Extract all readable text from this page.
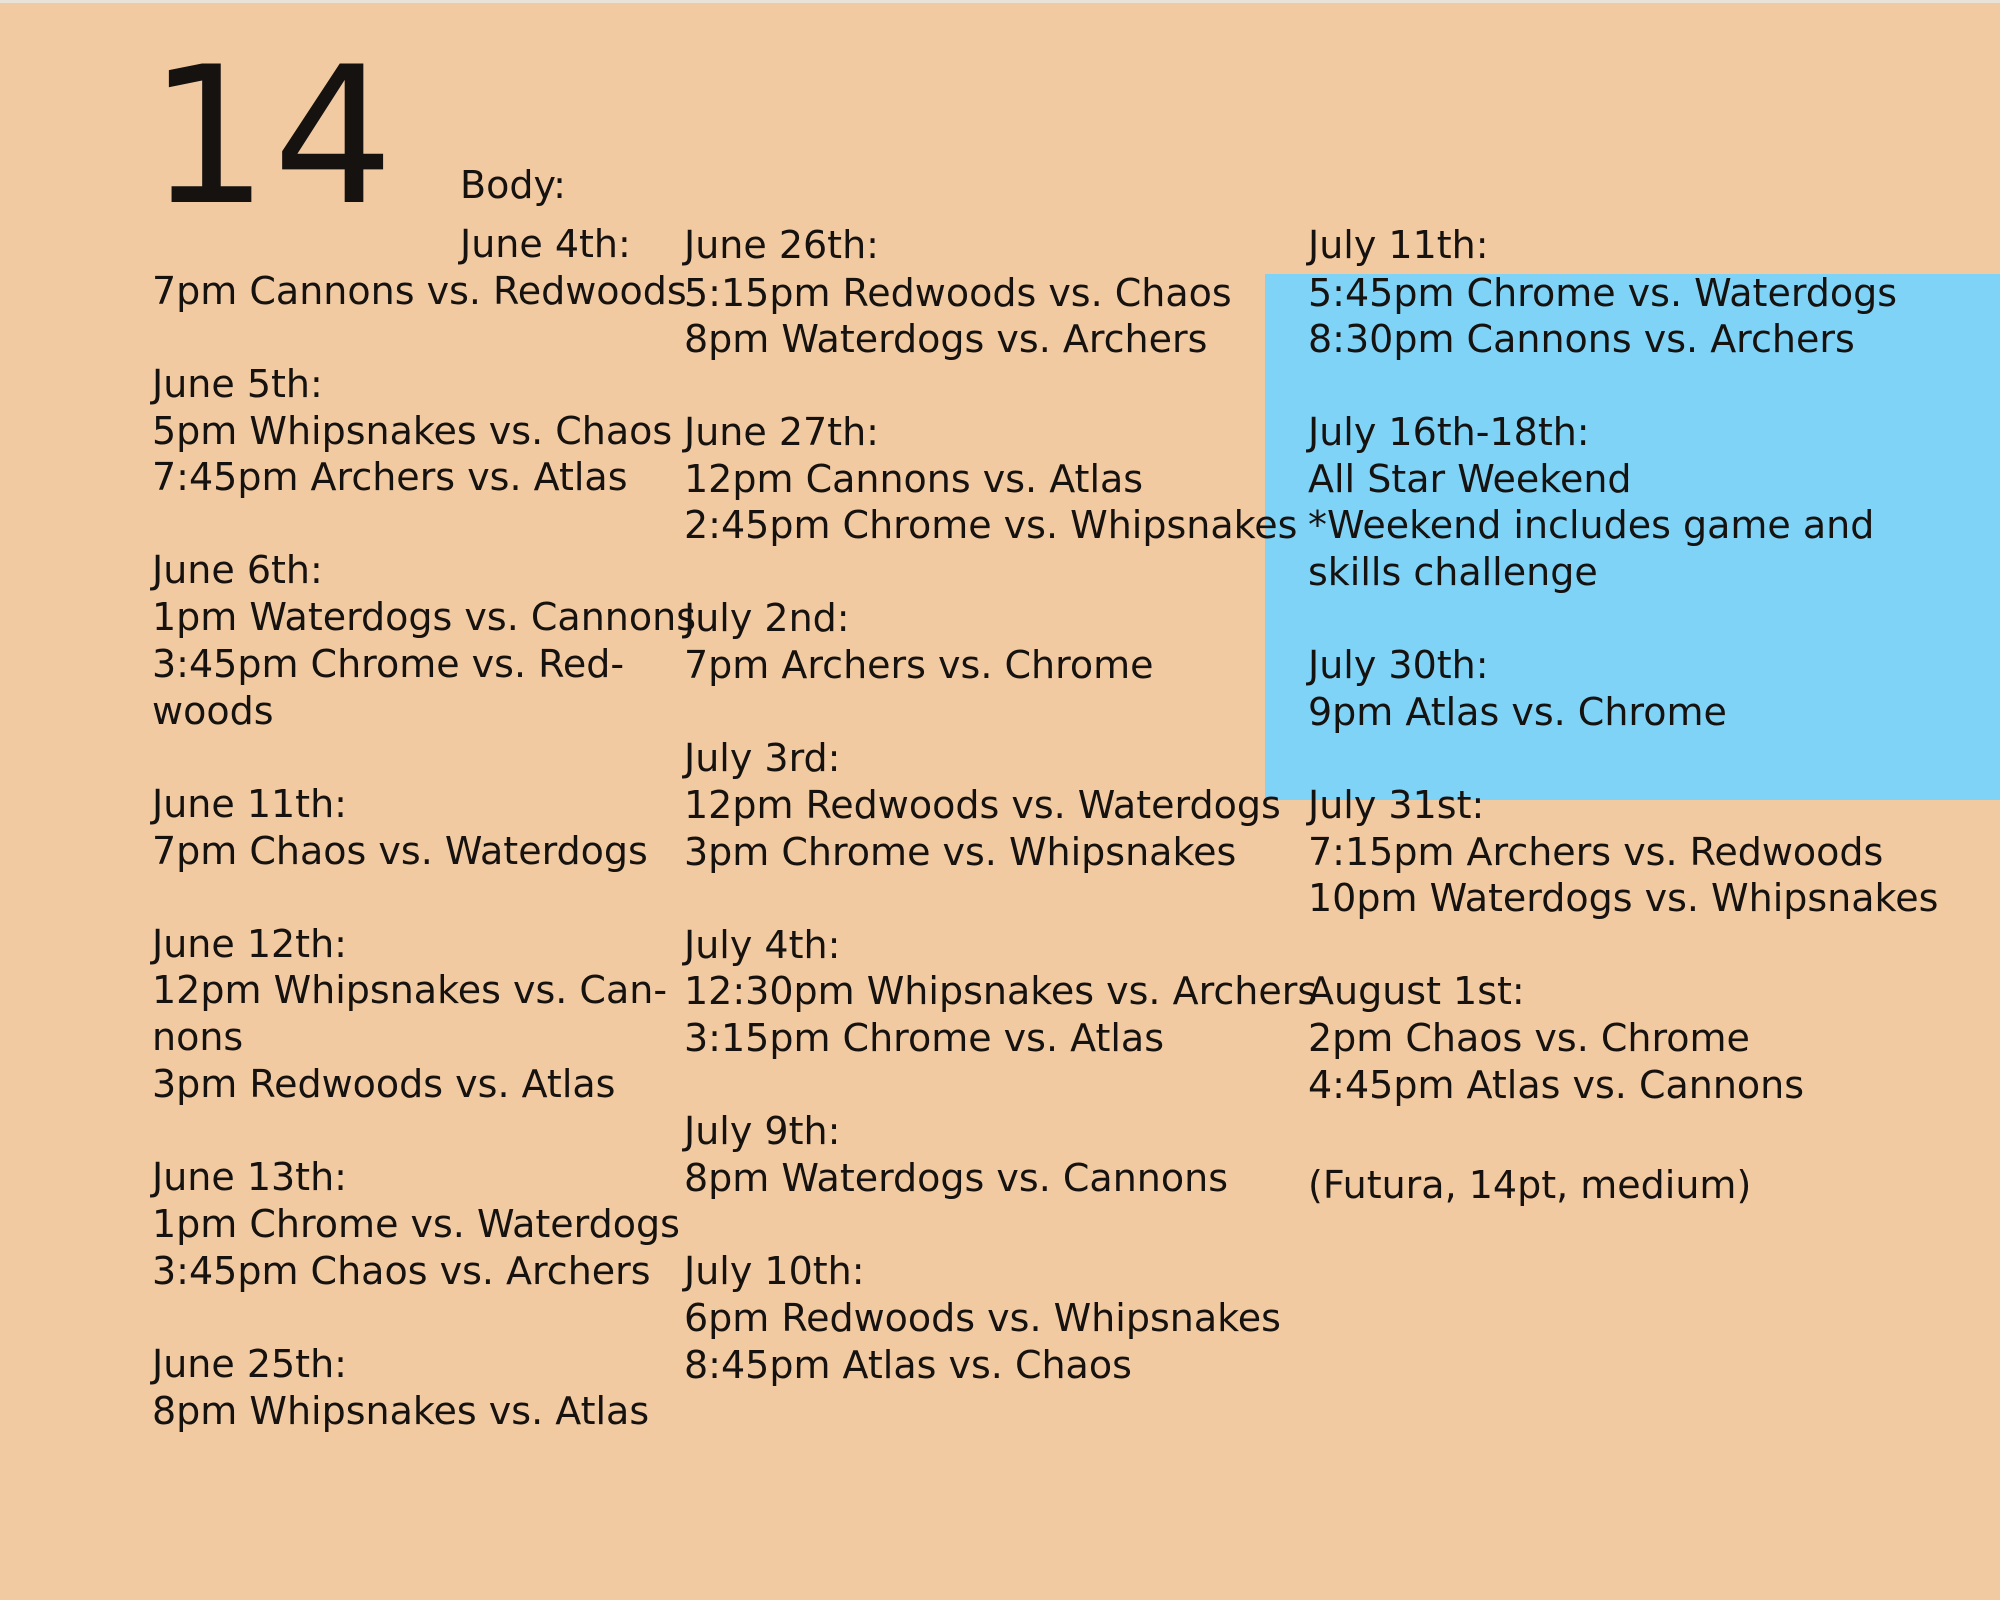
14 Body:
June 4th:
7pm Cannons vs. Redwoods
June 5th:
5pm Whipsnakes vs. Chaos
7:45pm Archers vs. Atlas
June 6th:
1pm Waterdogs vs. Cannons
3:45pm Chrome vs. Red-
woods
June 11th:
7pm Chaos vs. Waterdogs
June 12th:
12pm Whipsnakes vs. Can-
nons
3pm Redwoods vs. Atlas
June 13th:
1pm Chrome vs. Waterdogs
3:45pm Chaos vs. Archers
June 25th:
8pm Whipsnakes vs. Atlas
June 26th:
5:15pm Redwoods vs. Chaos
8pm Waterdogs vs. Archers
June 27th:
12pm Cannons vs. Atlas
2:45pm Chrome vs. Whipsnakes
July 2nd:
7pm Archers vs. Chrome
July 3rd:
12pm Redwoods vs. Waterdogs
3pm Chrome vs. Whipsnakes
July 4th:
12:30pm Whipsnakes vs. Archers
3:15pm Chrome vs. Atlas
July 9th:
8pm Waterdogs vs. Cannons
July 10th:
6pm Redwoods vs. Whipsnakes
8:45pm Atlas vs. Chaos
July 11th:
5:45pm Chrome vs. Waterdogs
8:30pm Cannons vs. Archers
July 16th-18th:
All Star Weekend
*Weekend includes game and
skills challenge
July 30th:
9pm Atlas vs. Chrome
July 31st:
7:15pm Archers vs. Redwoods
10pm Waterdogs vs. Whipsnakes
August 1st:
2pm Chaos vs. Chrome
4:45pm Atlas vs. Cannons
(Futura, 14pt, medium)
